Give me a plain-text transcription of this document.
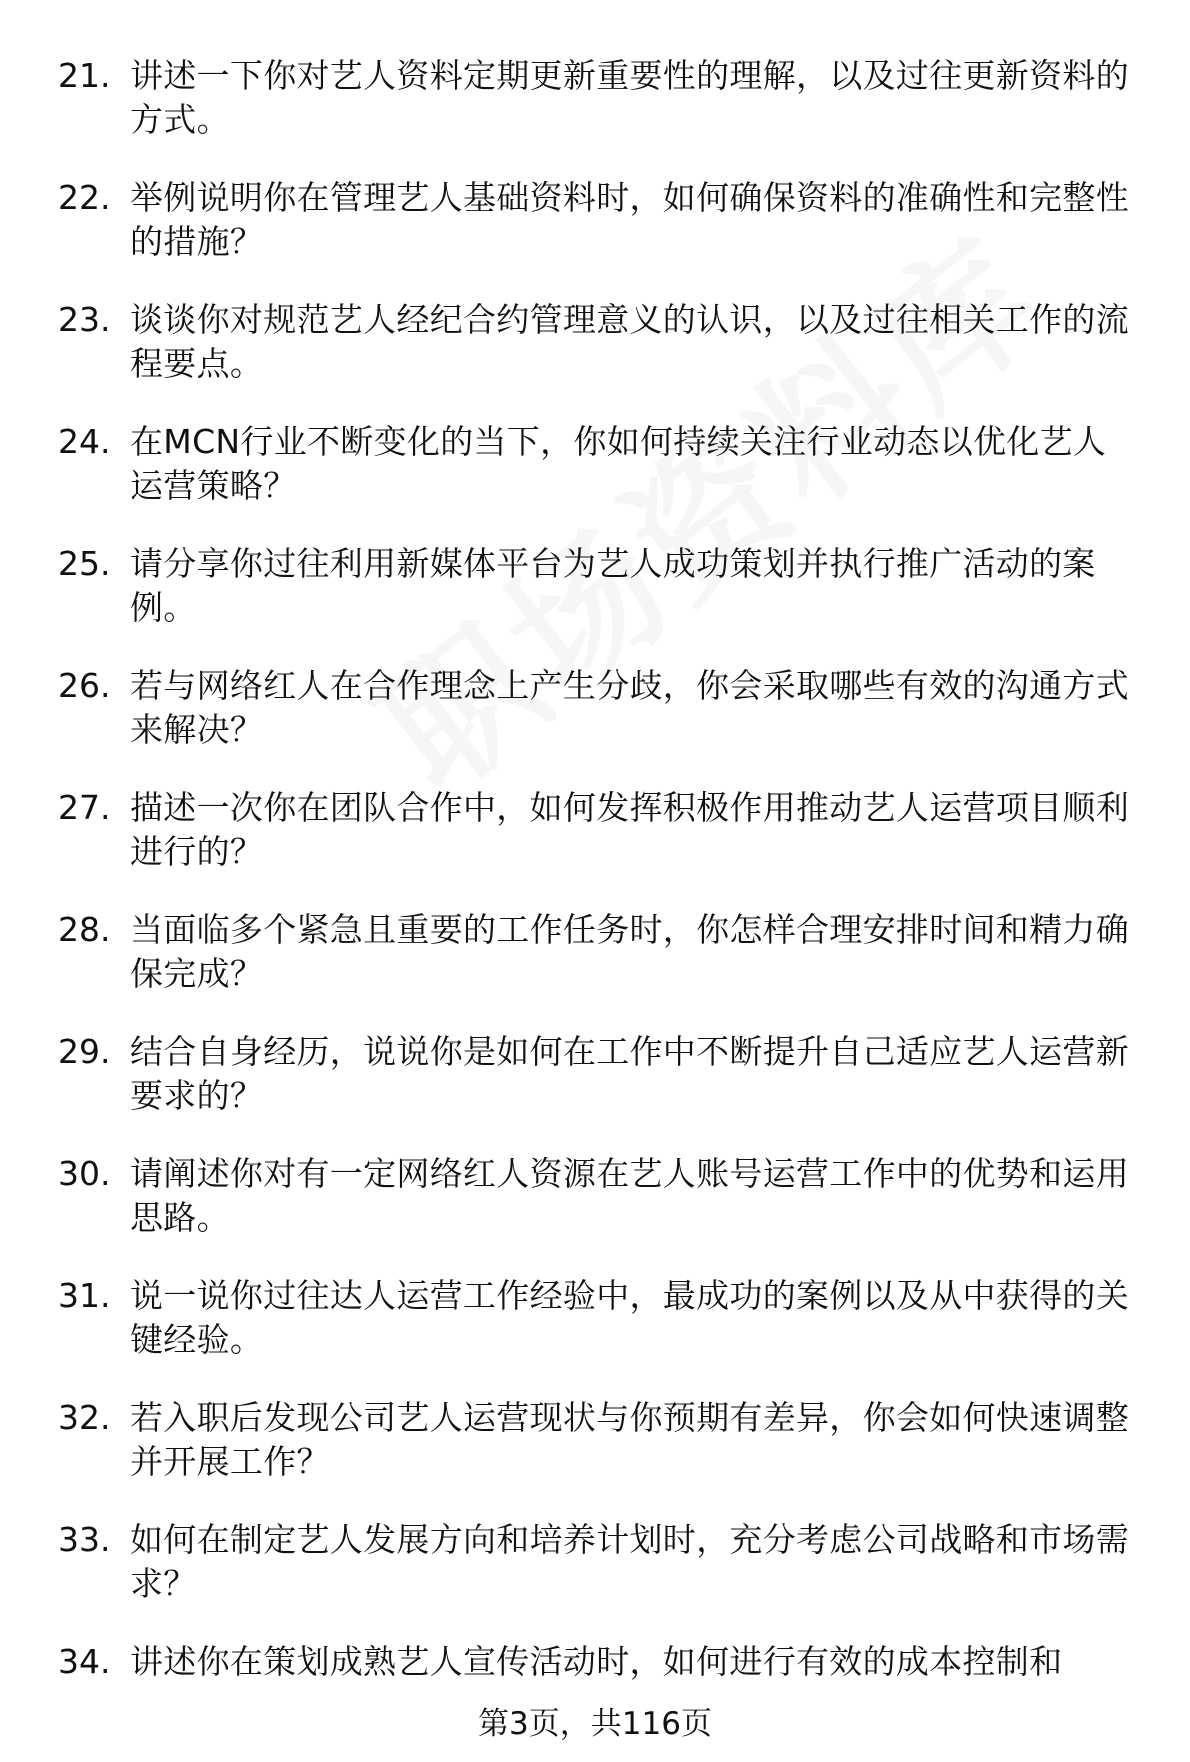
21. 讲述一下你对艺人资料定期更新重要性的理解，以及过往更新资料的方式。
22. 举例说明你在管理艺人基础资料时，如何确保资料的准确性和完整性的措施？
23. 谈谈你对规范艺人经纪合约管理意义的认识，以及过往相关工作的流程要点。
24. 在MCN行业不断变化的当下，你如何持续关注行业动态以优化艺人运营策略？
25. 请分享你过往利用新媒体平台为艺人成功策划并执行推广活动的案例。
26. 若与网络红人在合作理念上产生分歧，你会采取哪些有效的沟通方式来解决？
27. 描述一次你在团队合作中，如何发挥积极作用推动艺人运营项目顺利进行的？
28. 当面临多个紧急且重要的工作任务时，你怎样合理安排时间和精力确保完成？
29. 结合自身经历，说说你是如何在工作中不断提升自己适应艺人运营新要求的？
30. 请阐述你对有一定网络红人资源在艺人账号运营工作中的优势和运用思路。
31. 说一说你过往达人运营工作经验中，最成功的案例以及从中获得的关键经验。
32. 若入职后发现公司艺人运营现状与你预期有差异，你会如何快速调整并开展工作？
33. 如何在制定艺人发展方向和培养计划时，充分考虑公司战略和市场需求？
34. 讲述你在策划成熟艺人宣传活动时，如何进行有效的成本控制和
第3页，共116页
